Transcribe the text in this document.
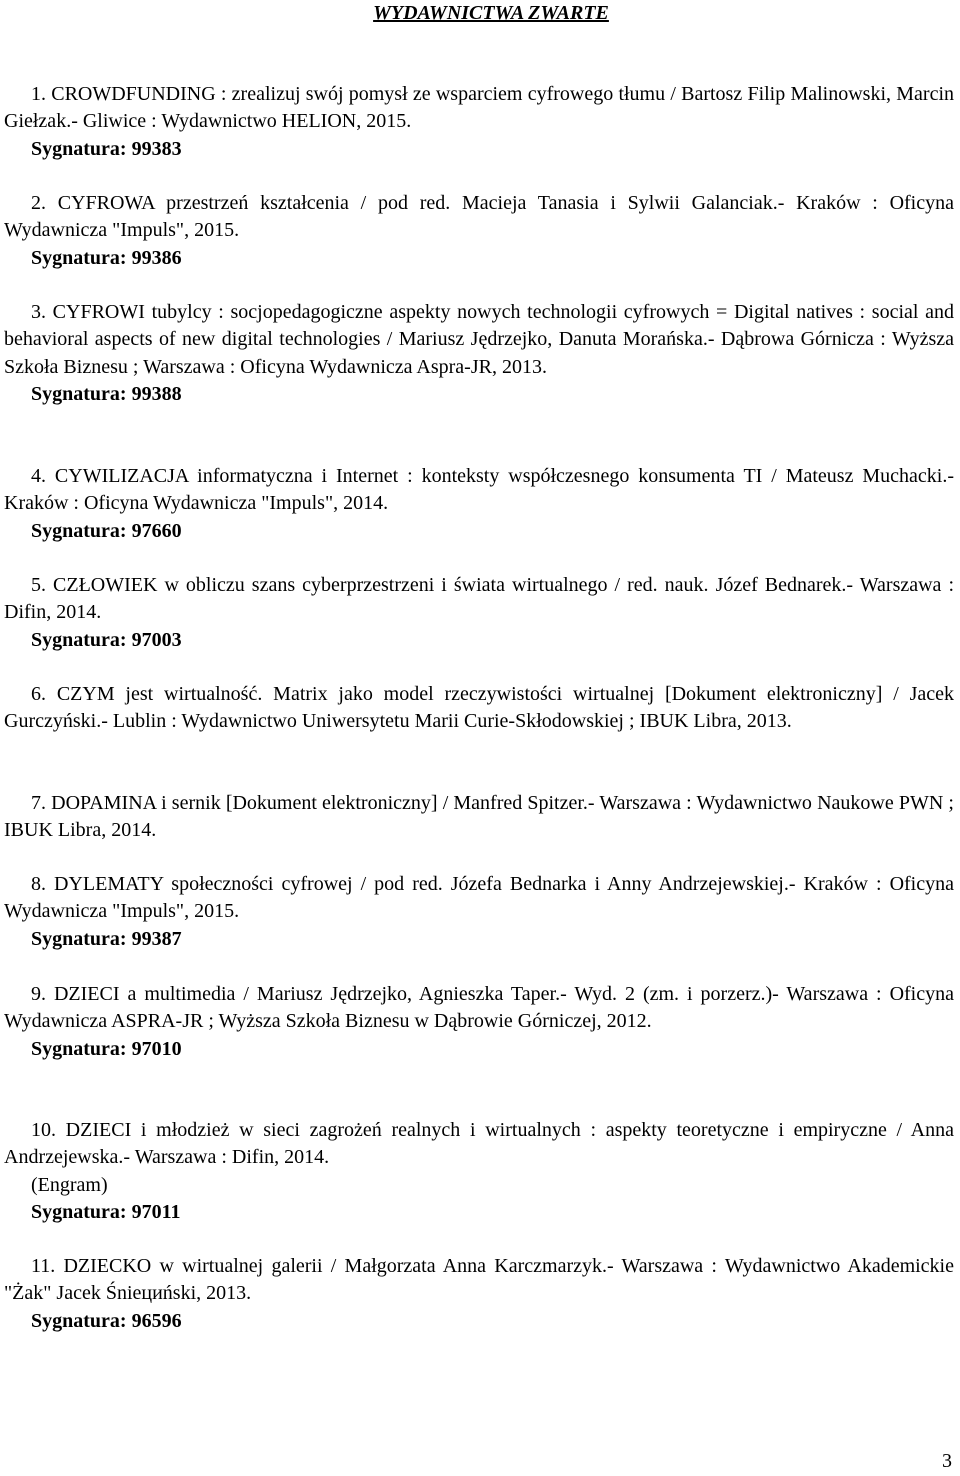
WYDAWNICTWA ZWARTE

1. CROWDFUNDING : zrealizuj swój pomysł ze wsparciem cyfrowego tłumu / Bartosz Filip Malinowski, Marcin Giełzak.- Gliwice : Wydawnictwo HELION, 2015.

Sygnatura: 99383

2. CYFROWA przestrzeń kształcenia / pod red. Macieja Tanasia i Sylwii Galanciak.- Kraków : Oficyna Wydawnicza "Impuls", 2015.

Sygnatura: 99386

3. CYFROWI tubylcy : socjopedagogiczne aspekty nowych technologii cyfrowych = Digital natives : social and behavioral aspects of new digital technologies / Mariusz Jędrzejko, Danuta Morańska.- Dąbrowa Górnicza : Wyższa Szkoła Biznesu ; Warszawa : Oficyna Wydawnicza Aspra-JR, 2013.

Sygnatura: 99388

4. CYWILIZACJA informatyczna i Internet : konteksty współczesnego konsumenta TI / Mateusz Muchacki.- Kraków : Oficyna Wydawnicza "Impuls", 2014.

Sygnatura: 97660

5. CZŁOWIEK w obliczu szans cyberprzestrzeni i świata wirtualnego / red. nauk. Józef Bednarek.- Warszawa : Difin, 2014.

Sygnatura: 97003

6. CZYM jest wirtualność. Matrix jako model rzeczywistości wirtualnej [Dokument elektroniczny] / Jacek Gurczyński.- Lublin : Wydawnictwo Uniwersytetu Marii Curie-Skłodowskiej ; IBUK Libra, 2013.

7. DOPAMINA i sernik [Dokument elektroniczny] / Manfred Spitzer.- Warszawa : Wydawnictwo Naukowe PWN ; IBUK Libra, 2014.

8. DYLEMATY społeczności cyfrowej / pod red. Józefa Bednarka i Anny Andrzejewskiej.- Kraków : Oficyna Wydawnicza "Impuls", 2015.

Sygnatura: 99387

9. DZIECI a multimedia / Mariusz Jędrzejko, Agnieszka Taper.- Wyd. 2 (zm. i porzerz.)- Warszawa : Oficyna Wydawnicza ASPRA-JR ; Wyższa Szkoła Biznesu w Dąbrowie Górniczej, 2012.

Sygnatura: 97010

10. DZIECI i młodzież w sieci zagrożeń realnych i wirtualnych : aspekty teoretyczne i empiryczne / Anna Andrzejewska.- Warszawa : Difin, 2014.

(Engram)

Sygnatura: 97011

11. DZIECKO w wirtualnej galerii / Małgorzata Anna Karczmarzyk.- Warszawa : Wydawnictwo Akademickie "Żak" Jacek Śniециński, 2013.

Sygnatura: 96596

3
